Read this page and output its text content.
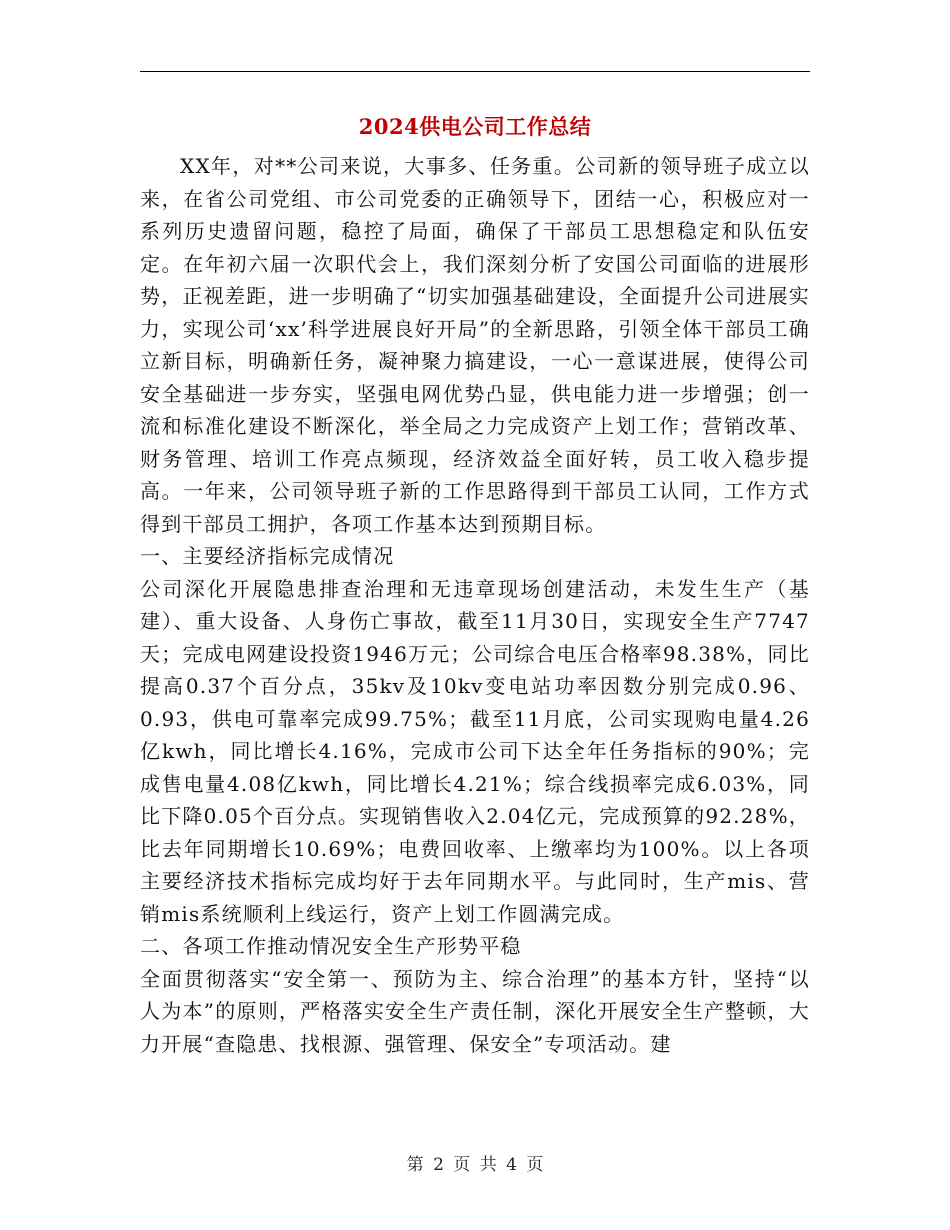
2024供电公司工作总结

XX年，对**公司来说，大事多、任务重。公司新的领导班子成立以来，在省公司党组、市公司党委的正确领导下，团结一心，积极应对一系列历史遗留问题，稳控了局面，确保了干部员工思想稳定和队伍安定。在年初六届一次职代会上，我们深刻分析了安国公司面临的进展形势，正视差距，进一步明确了“切实加强基础建设，全面提升公司进展实力，实现公司‘xx’科学进展良好开局”的全新思路，引领全体干部员工确立新目标，明确新任务，凝神聚力搞建设，一心一意谋进展，使得公司安全基础进一步夯实，坚强电网优势凸显，供电能力进一步增强；创一流和标准化建设不断深化，举全局之力完成资产上划工作；营销改革、财务管理、培训工作亮点频现，经济效益全面好转，员工收入稳步提高。一年来，公司领导班子新的工作思路得到干部员工认同，工作方式得到干部员工拥护，各项工作基本达到预期目标。

一、主要经济指标完成情况

公司深化开展隐患排查治理和无违章现场创建活动，未发生生产（基建）、重大设备、人身伤亡事故，截至11月30日，实现安全生产7747天；完成电网建设投资1946万元；公司综合电压合格率98.38%，同比提高0.37个百分点，35kv及10kv变电站功率因数分别完成0.96、0.93，供电可靠率完成99.75%；截至11月底，公司实现购电量4.26亿kwh，同比增长4.16%，完成市公司下达全年任务指标的90%；完成售电量4.08亿kwh，同比增长4.21%；综合线损率完成6.03%，同比下降0.05个百分点。实现销售收入2.04亿元，完成预算的92.28%，比去年同期增长10.69%；电费回收率、上缴率均为100%。以上各项主要经济技术指标完成均好于去年同期水平。与此同时，生产mis、营销mis系统顺利上线运行，资产上划工作圆满完成。

二、各项工作推动情况安全生产形势平稳

全面贯彻落实“安全第一、预防为主、综合治理”的基本方针，坚持“以人为本”的原则，严格落实安全生产责任制，深化开展安全生产整顿，大力开展“查隐患、找根源、强管理、保安全”专项活动。建

第 2 页 共 4 页
